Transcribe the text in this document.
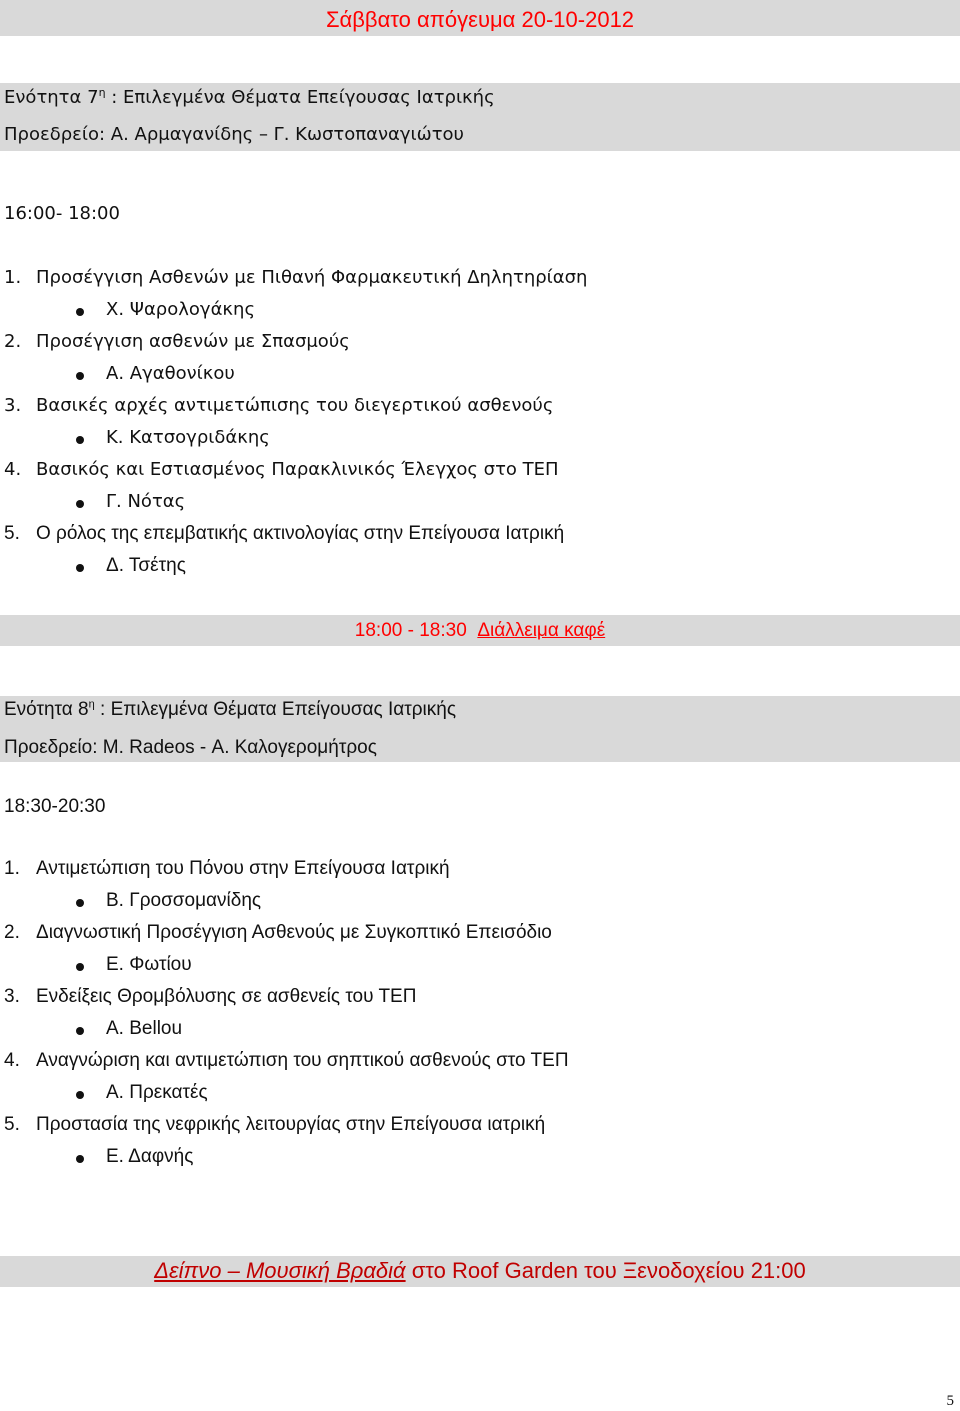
Σάββατο απόγευμα 20-10-2012
Ενότητα $7^\eta$ : Επιλεγμένα Θέματα Επείγουσας Ιατρικής
Προεδρείο: Α. Αρμαγανίδης – Γ. Κωστοπαναγιώτου
16:00- 18:00
1. Προσέγγιση Ασθενών με Πιθανή Φαρμακευτική Δηλητηρίαση
Χ. Ψαρολογάκης
2. Προσέγγιση ασθενών με Σπασμούς
Α. Αγαθονίκου
3. Βασικές αρχές αντιμετώπισης του διεγερτικού ασθενούς
Κ. Κατσογριδάκης
4. Βασικός και Εστιασμένος Παρακλινικός Έλεγχος στο ΤΕΠ
Γ. Νότας
5. Ο ρόλος της επεμβατικής ακτινολογίας στην Επείγουσα Ιατρική
Δ. Τσέτης
18:00 - 18:30 Διάλλειμα καφέ
Ενότητα $8^\eta$ : Επιλεγμένα Θέματα Επείγουσας Ιατρικής
Προεδρείο: M. Radeos - Α. Καλογερομήτρος
18:30-20:30
1. Αντιμετώπιση του Πόνου στην Επείγουσα Ιατρική
Β. Γροσσομανίδης
2. Διαγνωστική Προσέγγιση Ασθενούς με Συγκοπτικό Επεισόδιο
Ε. Φωτίου
3. Ενδείξεις Θρομβόλυσης σε ασθενείς του ΤΕΠ
A. Bellou
4. Αναγνώριση και αντιμετώπιση του σηπτικού ασθενούς στο ΤΕΠ
Α. Πρεκατές
5. Προστασία της νεφρικής λειτουργίας στην Επείγουσα ιατρική
Ε. Δαφνής
Δείπνο – Μουσική Βραδιά στο Roof Garden του Ξενοδοχείου 21:00
5
